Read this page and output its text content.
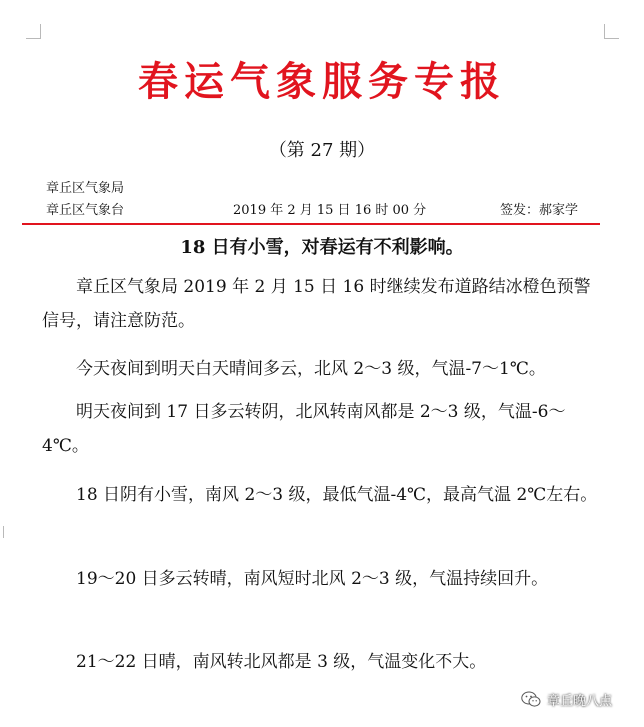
春运气象服务专报
（第 27 期）
章丘区气象局
章丘区气象台	2019 年 2 月 15 日 16 时 00 分	签发：郝家学
18 日有小雪，对春运有不利影响。

章丘区气象局 2019 年 2 月 15 日 16 时继续发布道路结冰橙色预警信号，请注意防范。

今天夜间到明天白天晴间多云，北风 2～3 级，气温-7～1℃。

明天夜间到 17 日多云转阴，北风转南风都是 2～3 级，气温-6～4℃。

18 日阴有小雪，南风 2～3 级，最低气温-4℃，最高气温 2℃左右。

19～20 日多云转晴，南风短时北风 2～3 级，气温持续回升。

21～22 日晴，南风转北风都是 3 级，气温变化不大。

章丘晚八点
